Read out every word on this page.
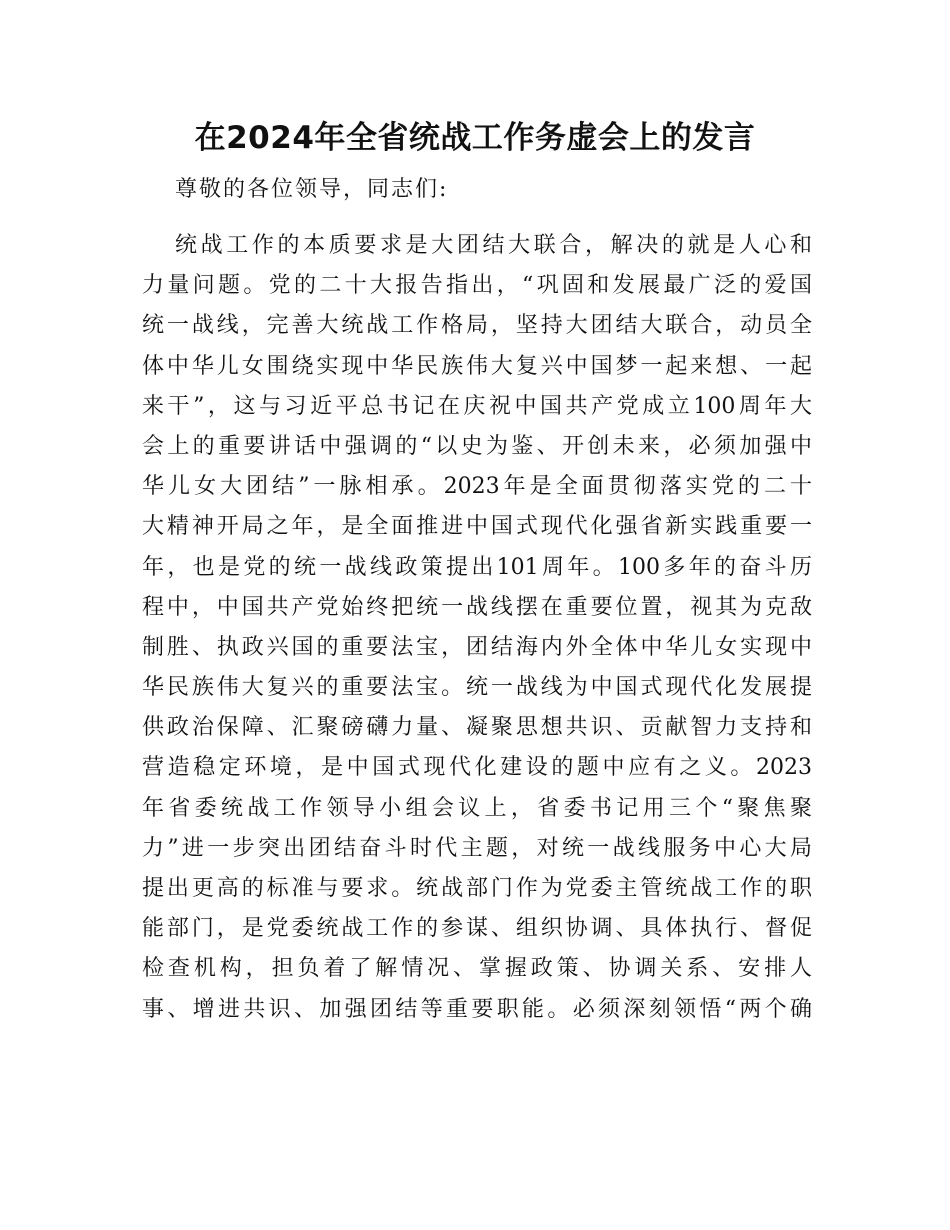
在2024年全省统战工作务虚会上的发言
尊敬的各位领导，同志们:
统战工作的本质要求是大团结大联合，解决的就是人心和
力量问题。党的二十大报告指出，“巩固和发展最广泛的爱国
统一战线，完善大统战工作格局，坚持大团结大联合，动员全
体中华儿女围绕实现中华民族伟大复兴中国梦一起来想、一起
来干”，这与习近平总书记在庆祝中国共产党成立100周年大
会上的重要讲话中强调的“以史为鉴、开创未来，必须加强中
华儿女大团结”一脉相承。2023年是全面贯彻落实党的二十
大精神开局之年，是全面推进中国式现代化强省新实践重要一
年，也是党的统一战线政策提出101周年。100多年的奋斗历
程中，中国共产党始终把统一战线摆在重要位置，视其为克敌
制胜、执政兴国的重要法宝，团结海内外全体中华儿女实现中
华民族伟大复兴的重要法宝。统一战线为中国式现代化发展提
供政治保障、汇聚磅礴力量、凝聚思想共识、贡献智力支持和
营造稳定环境，是中国式现代化建设的题中应有之义。2023
年省委统战工作领导小组会议上，省委书记用三个“聚焦聚
力”进一步突出团结奋斗时代主题，对统一战线服务中心大局
提出更高的标准与要求。统战部门作为党委主管统战工作的职
能部门，是党委统战工作的参谋、组织协调、具体执行、督促
检查机构，担负着了解情况、掌握政策、协调关系、安排人
事、增进共识、加强团结等重要职能。必须深刻领悟“两个确
